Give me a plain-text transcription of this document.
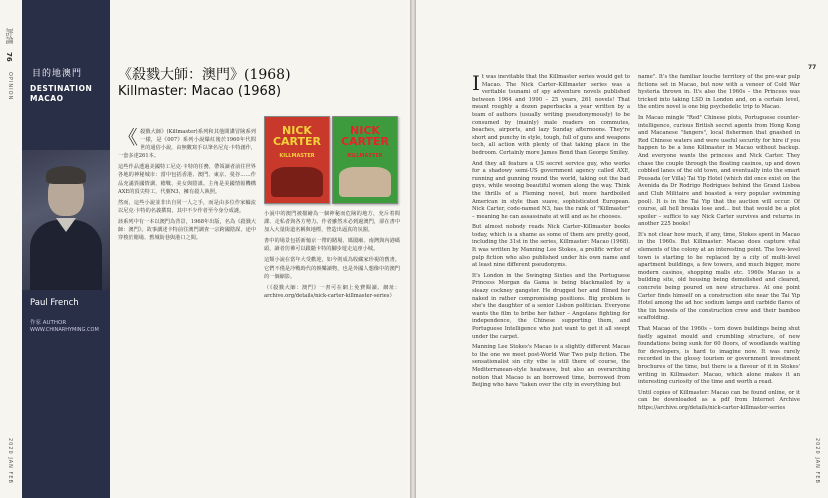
評論
76
OPINION
2020 JAN FEB
目的地澳門
DESTINATION
MACAO
Paul French
作家 AUTHOR
WWW.CHINARHYMING.COM
《殺戮大師：澳門》(1968)
Killmaster: Macao (1968)
NICK CARTER
KILLMASTER
NICK CARTER
KILLMASTER

《 殺戮大師》(Killmaster)系列和其他間諜冒險系列一樣，是《007》系列小說爆紅後於1960年代問世的通俗小說，由無數寫手以筆名尼克·卡特創作，一套多達261本。

這些作品透過美國特工尼克·卡特的任務，帶領讀者前往世界各地的神秘城市：當中包括香港、澳門、東京、曼谷……作品充滿異國情調、槍戰、美女與陰謀。主角是美國情報機構AXE的頂尖特工，代號N3，擁有殺人執照。

然而，這些小說並非出自同一人之手，而是由多位作家輪流以尼克·卡特的名義撰寫，其中不少作者至今身分成謎。

該系列中有一本以澳門為背景，1968年出版，名為《殺戮大師：澳門》。故事講述卡特前往澳門調查一宗跨國陰謀，途中穿梭於賭場、舊城街巷與港口之間。

小說中的澳門被描繪為一個神秘而危險的地方，充斥着間諜、走私者與各方勢力。作者雖然未必到過澳門，卻在書中加入大量街道名稱與地標，營造出逼真的氛圍。

書中的場景包括新葡京一帶的賭場、媽閣廟、南灣與內港碼頭，讀者彷彿可以跟隨卡特的腳步遊走這座小城。

這類小說在當年大受歡迎，如今則成為收藏家珍視的舊書。它們不僅是冷戰時代的娛樂讀物，也是外國人想像中的澳門的一個縮影。

（《殺戮大師：澳門》一書可在網上免費閱讀。網址：archive.org/details/nick-carter-killmaster-series）

77
2020 JAN FEB

It was inevitable that the Killmaster series would get to Macao. The Nick Carter–Killmaster series was a veritable tsunami of spy adventure novels published between 1964 and 1990 – 25 years, 261 novels! That meant roughly a dozen paperbacks a year written by a team of authors (usually writing pseudonymously) to be consumed by (mainly) male readers on commutes, beaches, airports, and lazy Sunday afternoons. They're short and punchy in style, tough, full of guns and weapons tech, all action with plenty of that taking place in the bedroom. Certainly more James Bond than George Smiley.

And they all feature a US secret service guy, who works for a shadowy semi-US government agency called AXE, running and gunning round the world, taking out the bad guys, while wooing beautiful women along the way. Think the thrills of a Fleming novel, but more hardboiled American in style than suave, sophisticated European. Nick Carter, code-named N3, has the rank of "Killmaster" – meaning he can assassinate at will and as he chooses.

But almost nobody reads Nick Carter–Killmaster books today, which is a shame as some of them are pretty good, including the 31st in the series, Killmaster: Macao (1968). It was written by Manning Lee Stokes, a prolific writer of pulp fiction who also published under his own name and at least nine different pseudonyms.

It's London in the Swinging Sixties and the Portuguese Princess Morgan da Gama is being blackmailed by a sleazy cockney gangster. He drugged her and filmed her naked in rather compromising positions. Big problem is she's the daughter of a senior Lisbon politician. Everyone wants the film to bribe her father – Angolans fighting for independence, the Chinese supporting them, and Portuguese Intelligence who just want to get it all swept under the carpet.

Manning Lee Stokes's Macao is a slightly different Macao to the one we meet post-World War Two pulp fiction. The sensationalist sin city vibe is still there of course, the Mediterranean-style heatwave, but also an overarching notion that Macao is an borrowed time, borrowed from Beijing who have "taken over the city in everything but

name". It's the familiar louche territory of the pre-war pulp fictions set in Macao, but now with a veneer of Cold War hysteria thrown in. It's also the 1960s – the Princess was tricked into taking LSD in London and, on a certain level, the entire novel is one big psychedelic trip to Macao.

In Macao mingle "Red" Chinese plots, Portuguese counter-intelligence, curious British secret agents from Hong Kong and Macanese "fangers", local fishermen that gnashed in Red Chinese waters and were useful security for hire if you happen to be a lone Killmaster in Macao without backup. And everyone wants the princess and Nick Carter. They chase the couple through the floating casinos, up and down cobbled lanes of the old town, and eventually into the smart Pousada (or Villa) Tai Yip Hotel (which did once exist on the Avenida da Dr Rodrigo Rodrigues behind the Grand Lisboa and Club Militaire and boasted a very popular swimming pool). It is in the Tai Yip that the auction will occur. Of course, all hell breaks lose and... but that would be a plot spoiler – suffice to say Nick Carter survives and returns in another 225 books!

It's not clear how much, if any, time, Stokes spent in Macao in the 1960s. But Killmaster: Macao does capture vital elements of the colony at an interesting point. The low-level town is starting to be replaced by a city of multi-level apartment buildings, a few towers, and much bigger, more modern casinos, shopping malls etc. 1960s Macao is a building site, old housing being demolished and cleared, concrete being poured on new structures. At one point Carter finds himself on a construction site near the Tai Yip Hotel among the ad hoc sodium lamps and carbide flares of the tin bowels of the construction crew and their bamboo scaffolding.

That Macao of the 1960s – torn down buildings being shut fastly against mould and crumbling structure, of new foundations being sunk for 60 floors, of woodlands waiting for developers, is hard to imagine now. It was rarely recorded in the glossy tourism or government investment brochures of the time, but there is a flavour of it in Stokes' writing in Killmaster: Macao, which alone makes it an interesting curiosity of the time and worth a read.

Until copies of Killmaster: Macao can be found online, or it can be downloaded as a pdf from Internet Archive https://archive.org/details/nick-carter-killmaster-series
